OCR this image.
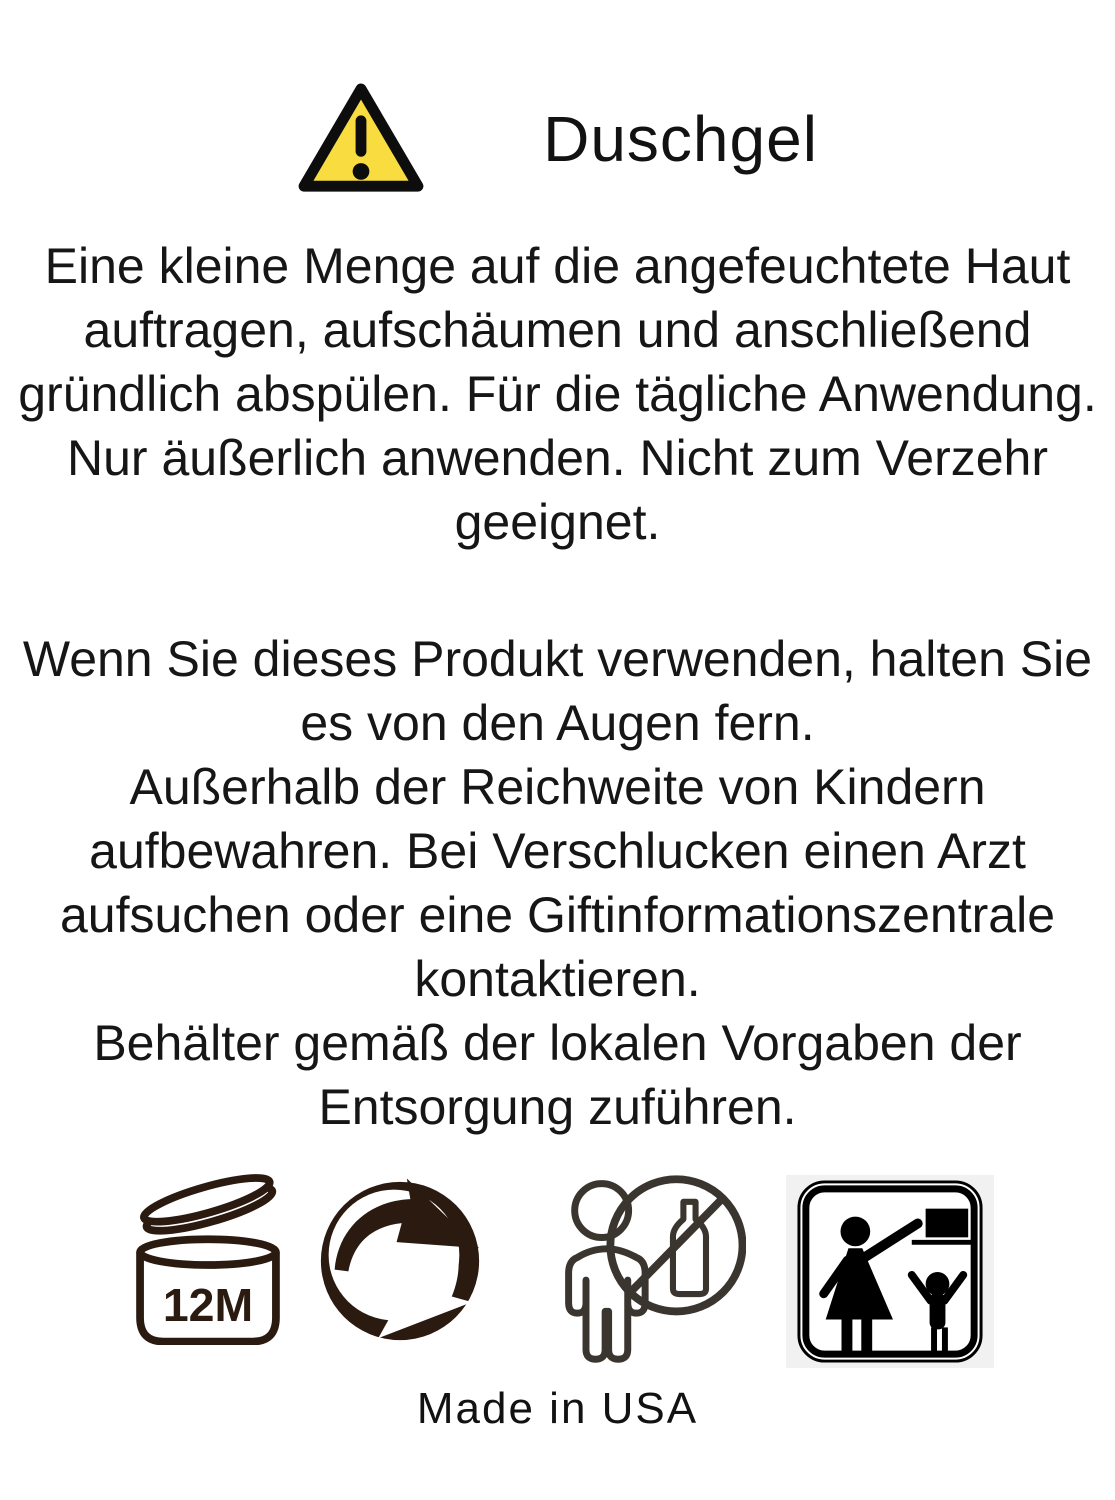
Duschgel
Eine kleine Menge auf die angefeuchtete Haut
auftragen, aufschäumen und anschließend
gründlich abspülen. Für die tägliche Anwendung.
Nur äußerlich anwenden. Nicht zum Verzehr
geeignet.
Wenn Sie dieses Produkt verwenden, halten Sie
es von den Augen fern.
Außerhalb der Reichweite von Kindern
aufbewahren. Bei Verschlucken einen Arzt
aufsuchen oder eine Giftinformationszentrale
kontaktieren.
Behälter gemäß der lokalen Vorgaben der
Entsorgung zuführen.
12M
Made in USA
